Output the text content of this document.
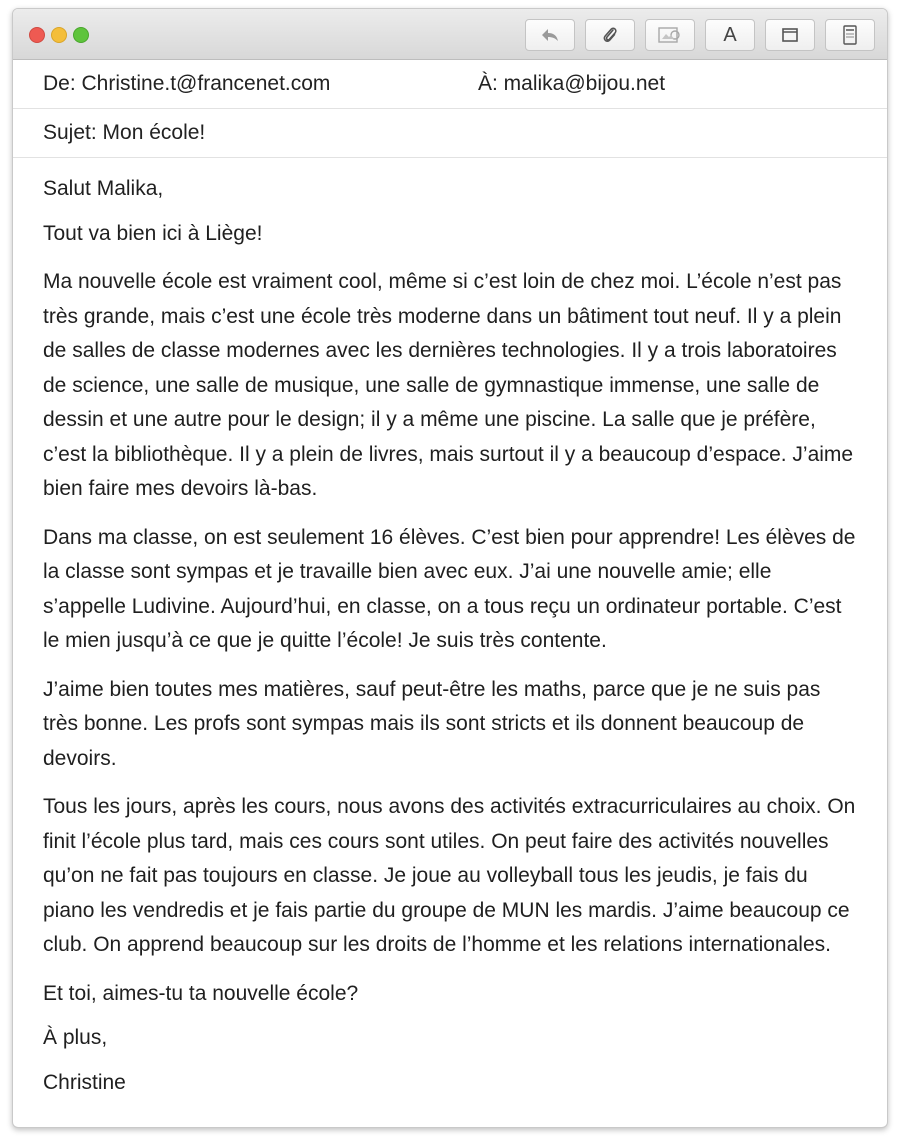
A
De: Christine.t@francenet.com	À: malika@bijou.net
Sujet: Mon école!

Salut Malika,

Tout va bien ici à Liège!

Ma nouvelle école est vraiment cool, même si c’est loin de chez moi. L’école n’est pas très grande, mais c’est une école très moderne dans un bâtiment tout neuf. Il y a plein de salles de classe modernes avec les dernières technologies. Il y a trois laboratoires de science, une salle de musique, une salle de gymnastique immense, une salle de dessin et une autre pour le design; il y a même une piscine. La salle que je préfère, c’est la bibliothèque. Il y a plein de livres, mais surtout il y a beaucoup d’espace. J’aime bien faire mes devoirs là-bas.

Dans ma classe, on est seulement 16 élèves. C’est bien pour apprendre! Les élèves de la classe sont sympas et je travaille bien avec eux. J’ai une nouvelle amie; elle s’appelle Ludivine. Aujourd’hui, en classe, on a tous reçu un ordinateur portable. C’est le mien jusqu’à ce que je quitte l’école! Je suis très contente.

J’aime bien toutes mes matières, sauf peut-être les maths, parce que je ne suis pas très bonne. Les profs sont sympas mais ils sont stricts et ils donnent beaucoup de devoirs.

Tous les jours, après les cours, nous avons des activités extracurriculaires au choix. On finit l’école plus tard, mais ces cours sont utiles. On peut faire des activités nouvelles qu’on ne fait pas toujours en classe. Je joue au volleyball tous les jeudis, je fais du piano les vendredis et je fais partie du groupe de MUN les mardis. J’aime beaucoup ce club. On apprend beaucoup sur les droits de l’homme et les relations internationales.

Et toi, aimes-tu ta nouvelle école?

À plus,

Christine
